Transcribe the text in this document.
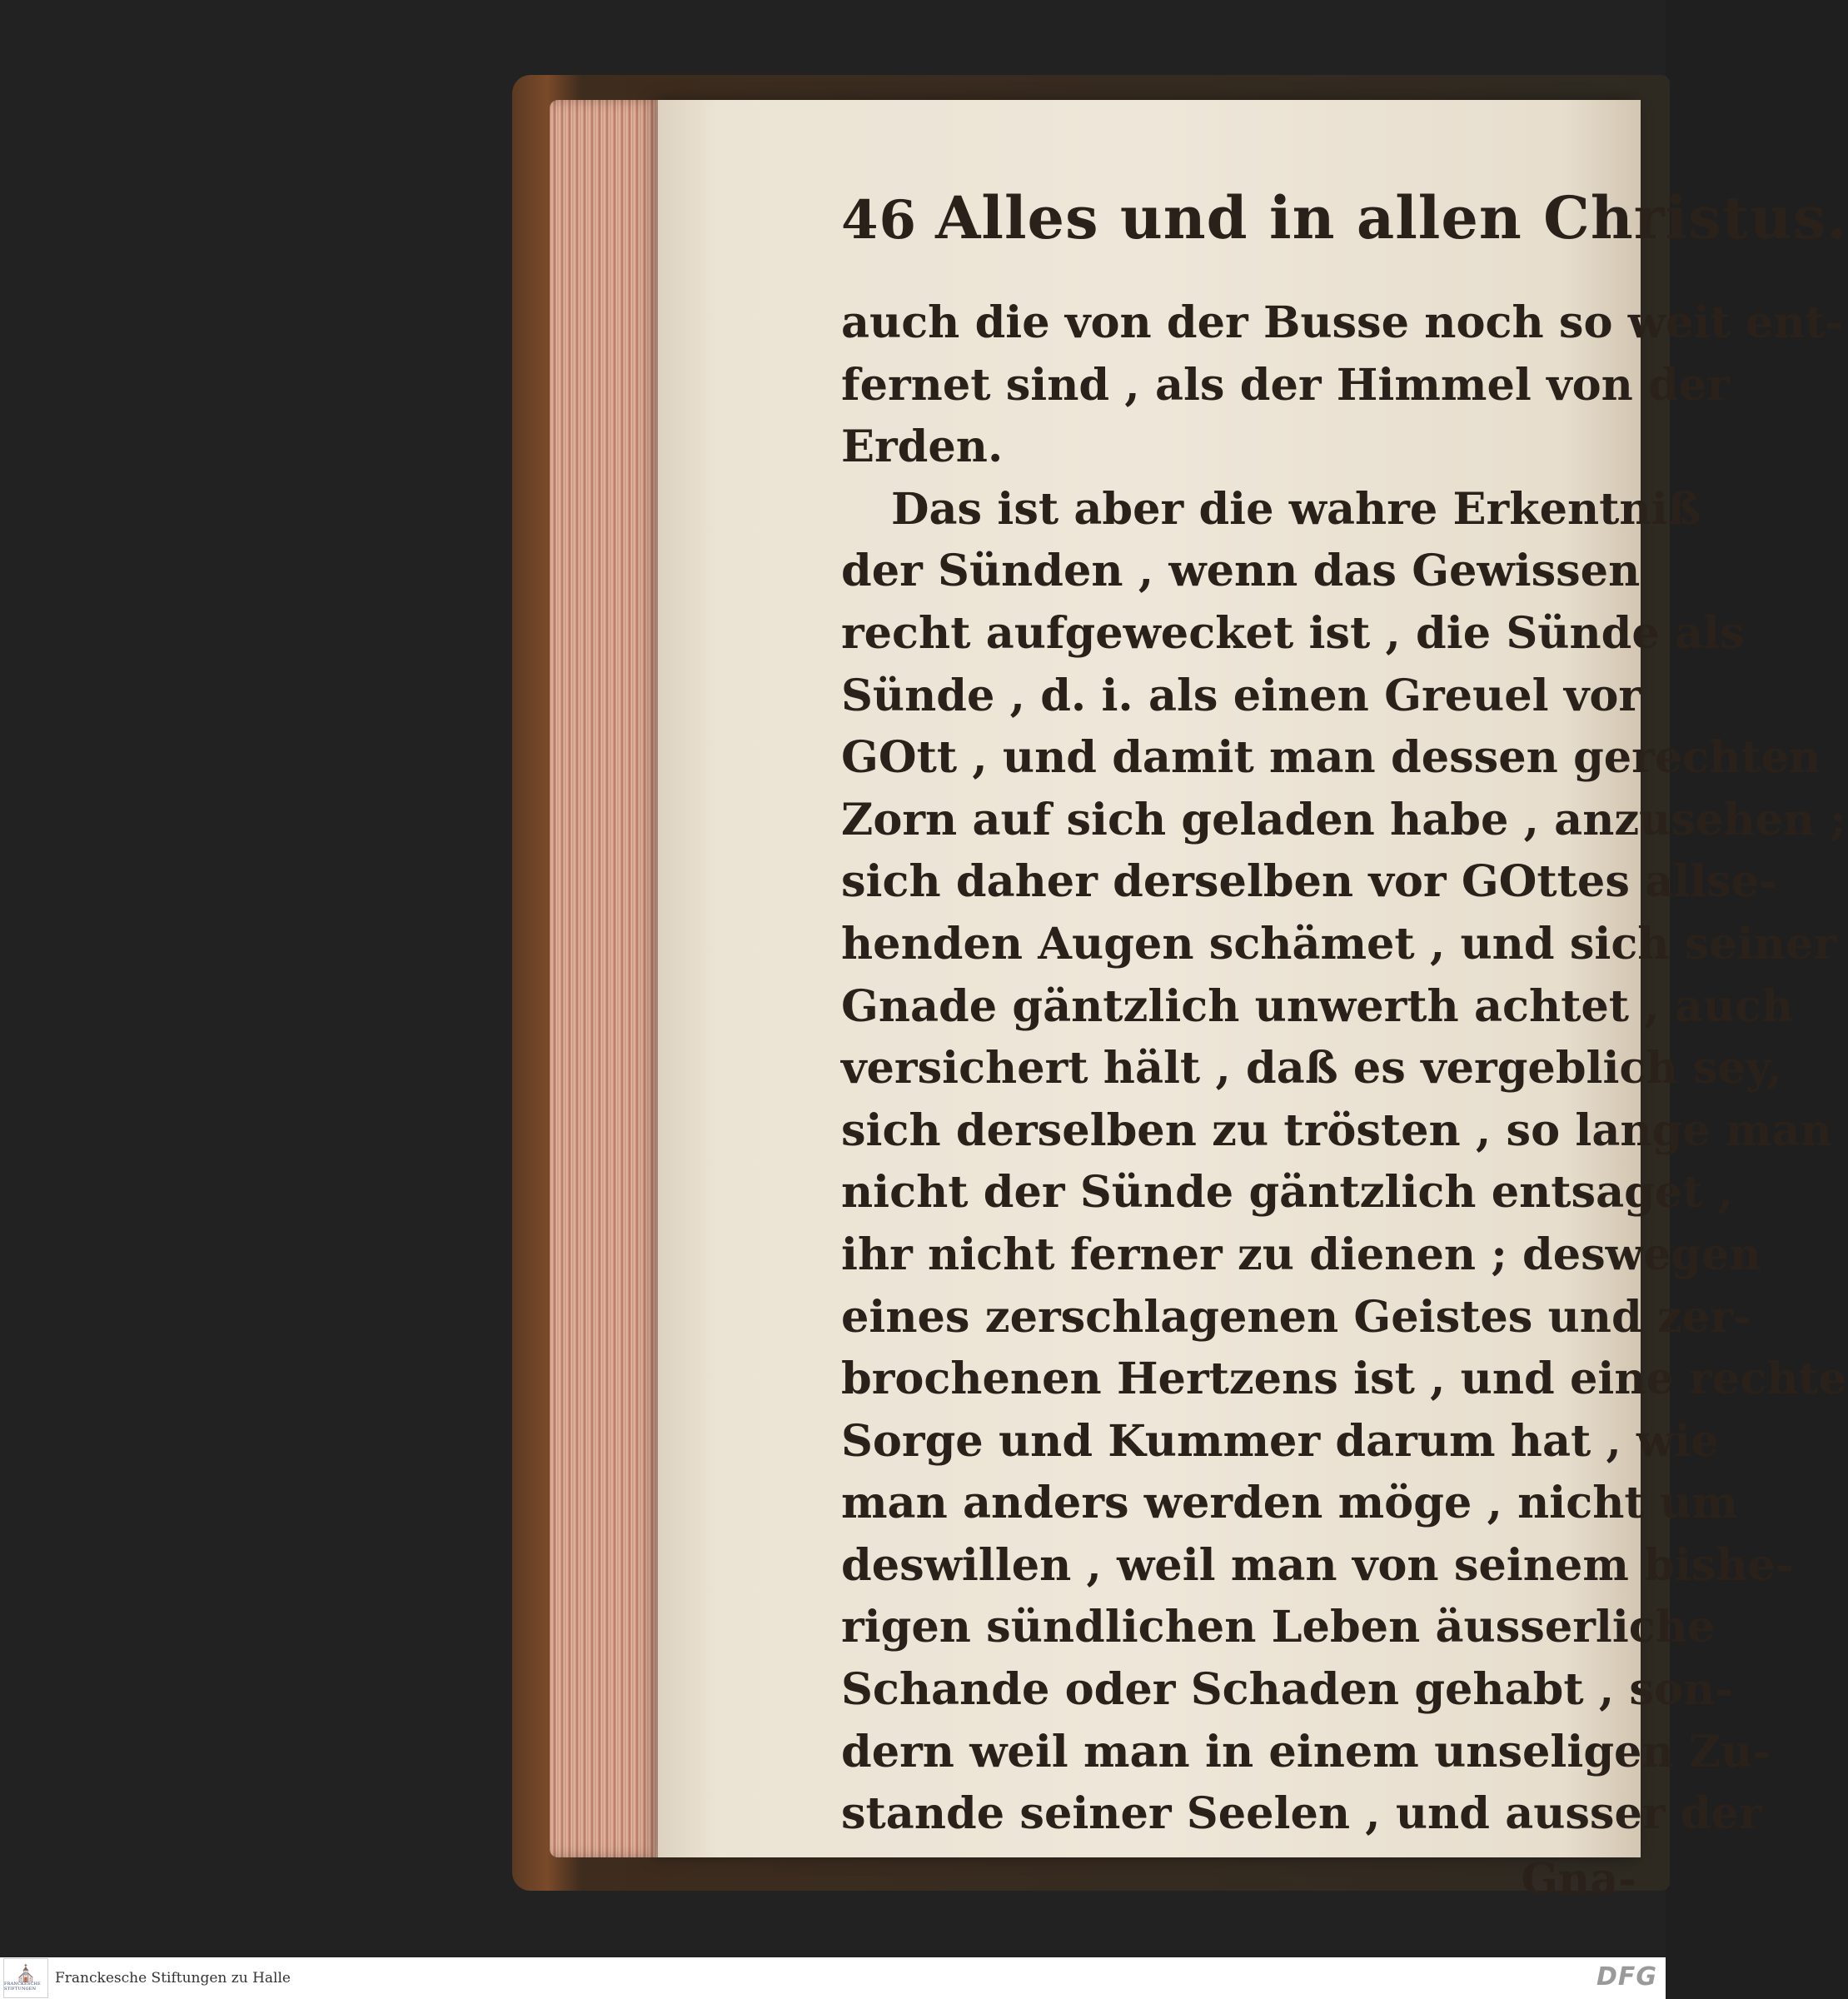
46 Alles und in allen Christus.
auch die von der Busse noch so weit ent-
fernet sind , als der Himmel von der
Erden.
Das ist aber die wahre Erkentniß
der Sünden , wenn das Gewissen
recht aufgewecket ist , die Sünde als
Sünde , d. i. als einen Greuel vor
GOtt , und damit man dessen gerechten
Zorn auf sich geladen habe , anzusehen ;
sich daher derselben vor GOttes allse-
henden Augen schämet , und sich seiner
Gnade gäntzlich unwerth achtet , auch
versichert hält , daß es vergeblich sey,
sich derselben zu trösten , so lange man
nicht der Sünde gäntzlich entsaget ,
ihr nicht ferner zu dienen ; deswegen
eines zerschlagenen Geistes und zer-
brochenen Hertzens ist , und eine rechte
Sorge und Kummer darum hat , wie
man anders werden möge , nicht um
deswillen , weil man von seinem bishe-
rigen sündlichen Leben äusserliche
Schande oder Schaden gehabt , son-
dern weil man in einem unseligen Zu-
stande seiner Seelen , und ausser der
Gna-
⛪
FRANCKESCHE STIFTUNGEN
Franckesche Stiftungen zu Halle	DFG
